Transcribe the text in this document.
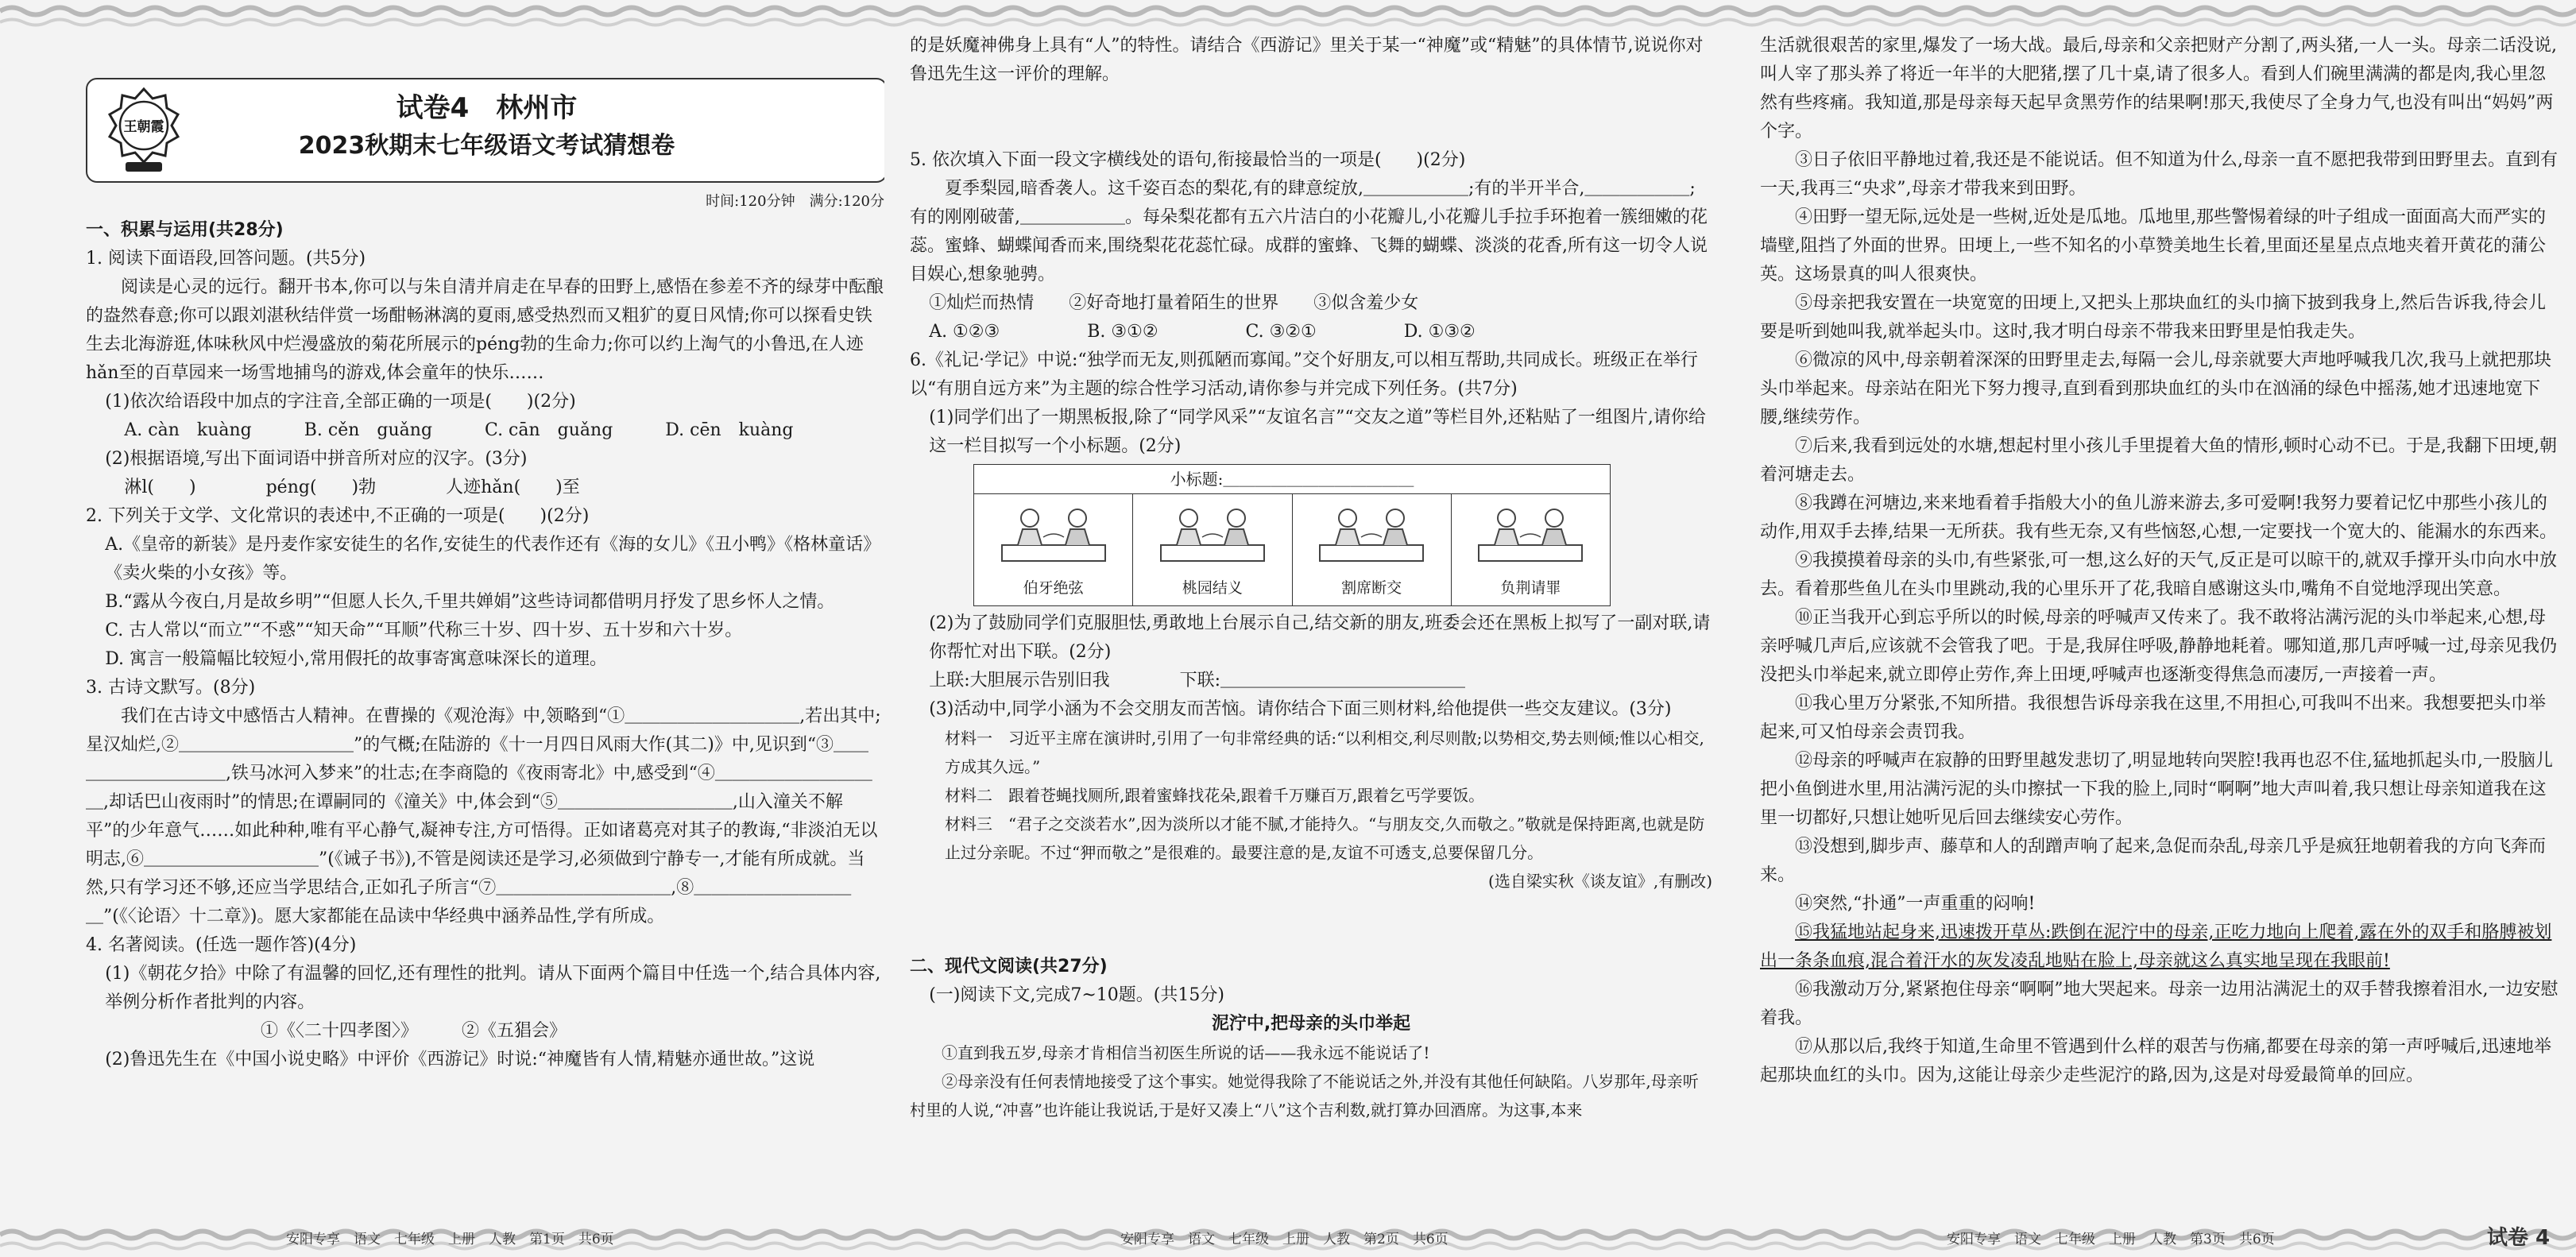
王朝霞
试卷4　林州市
2023秋期末七年级语文考试猜想卷
时间:120分钟　满分:120分

一、积累与运用(共28分)

1. 阅读下面语段,回答问题。(共5分)

阅读是心灵的远行。翻开书本,你可以与朱自清并肩走在早春的田野上,感悟在参差不齐的绿芽中酝酿的盎然春意;你可以跟刘湛秋结伴赏一场酣畅淋漓的夏雨,感受热烈而又粗犷的夏日风情;你可以探看史铁生去北海游逛,体味秋风中烂漫盛放的菊花所展示的péng勃的生命力;你可以约上淘气的小鲁迅,在人迹hǎn至的百草园来一场雪地捕鸟的游戏,体会童年的快乐……

(1)依次给语段中加点的字注音,全部正确的一项是(　　)(2分)

A. càn　kuàng　　　B. cěn　guǎng　　　C. cān　guǎng　　　D. cēn　kuàng

(2)根据语境,写出下面词语中拼音所对应的汉字。(3分)

淋l(　　)　　　　péng(　　)勃　　　　人迹hǎn(　　)至

2. 下列关于文学、文化常识的表述中,不正确的一项是(　　)(2分)

A.《皇帝的新装》是丹麦作家安徒生的名作,安徒生的代表作还有《海的女儿》《丑小鸭》《格林童话》《卖火柴的小女孩》等。

B.“露从今夜白,月是故乡明”“但愿人长久,千里共婵娟”这些诗词都借明月抒发了思乡怀人之情。

C. 古人常以“而立”“不惑”“知天命”“耳顺”代称三十岁、四十岁、五十岁和六十岁。

D. 寓言一般篇幅比较短小,常用假托的故事寄寓意味深长的道理。

3. 古诗文默写。(8分)

我们在古诗文中感悟古人精神。在曹操的《观沧海》中,领略到“①＿＿＿＿＿＿＿＿＿＿,若出其中;星汉灿烂,②＿＿＿＿＿＿＿＿＿＿”的气概;在陆游的《十一月四日风雨大作(其二)》中,见识到“③＿＿＿＿＿＿＿＿＿＿,铁马冰河入梦来”的壮志;在李商隐的《夜雨寄北》中,感受到“④＿＿＿＿＿＿＿＿＿＿,却话巴山夜雨时”的情思;在谭嗣同的《潼关》中,体会到“⑤＿＿＿＿＿＿＿＿＿＿,山入潼关不解平”的少年意气……如此种种,唯有平心静气,凝神专注,方可悟得。正如诸葛亮对其子的教诲,“非淡泊无以明志,⑥＿＿＿＿＿＿＿＿＿＿”(《诫子书》),不管是阅读还是学习,必须做到宁静专一,才能有所成就。当然,只有学习还不够,还应当学思结合,正如孔子所言“⑦＿＿＿＿＿＿＿＿＿＿,⑧＿＿＿＿＿＿＿＿＿＿”(《〈论语〉十二章》)。愿大家都能在品读中华经典中涵养品性,学有所成。

4. 名著阅读。(任选一题作答)(4分)

(1)《朝花夕拾》中除了有温馨的回忆,还有理性的批判。请从下面两个篇目中任选一个,结合具体内容,举例分析作者批判的内容。

①《〈二十四孝图〉》　　　②《五猖会》

(2)鲁迅先生在《中国小说史略》中评价《西游记》时说:“神魔皆有人情,精魅亦通世故。”这说

的是妖魔神佛身上具有“人”的特性。请结合《西游记》里关于某一“神魔”或“精魅”的具体情节,说说你对鲁迅先生这一评价的理解。

5. 依次填入下面一段文字横线处的语句,衔接最恰当的一项是(　　)(2分)

夏季梨园,暗香袭人。这千姿百态的梨花,有的肆意绽放,＿＿＿＿＿＿;有的半开半合,＿＿＿＿＿＿;有的刚刚破蕾,＿＿＿＿＿＿。每朵梨花都有五六片洁白的小花瓣儿,小花瓣儿手拉手环抱着一簇细嫩的花蕊。蜜蜂、蝴蝶闻香而来,围绕梨花花蕊忙碌。成群的蜜蜂、飞舞的蝴蝶、淡淡的花香,所有这一切令人说目娱心,想象驰骋。

①灿烂而热情　　②好奇地打量着陌生的世界　　③似含羞少女

A. ①②③　　　　　B. ③①②　　　　　C. ③②①　　　　　D. ①③②

6.《礼记·学记》中说:“独学而无友,则孤陋而寡闻。”交个好朋友,可以相互帮助,共同成长。班级正在举行以“有朋自远方来”为主题的综合性学习活动,请你参与并完成下列任务。(共7分)

(1)同学们出了一期黑板报,除了“同学风采”“友谊名言”“交友之道”等栏目外,还粘贴了一组图片,请你给这一栏目拟写一个小标题。(2分)

小标题:＿＿＿＿＿＿＿＿＿＿＿＿
伯牙绝弦	桃园结义	割席断交	负荆请罪

(2)为了鼓励同学们克服胆怯,勇敢地上台展示自己,结交新的朋友,班委会还在黑板上拟写了一副对联,请你帮忙对出下联。(2分)

上联:大胆展示告别旧我　　　　下联:＿＿＿＿＿＿＿＿＿＿＿＿＿＿

(3)活动中,同学小涵为不会交朋友而苦恼。请你结合下面三则材料,给他提供一些交友建议。(3分)

材料一　习近平主席在演讲时,引用了一句非常经典的话:“以利相交,利尽则散;以势相交,势去则倾;惟以心相交,方成其久远。”

材料二　跟着苍蝇找厕所,跟着蜜蜂找花朵,跟着千万赚百万,跟着乞丐学要饭。

材料三　“君子之交淡若水”,因为淡所以才能不腻,才能持久。“与朋友交,久而敬之。”敬就是保持距离,也就是防止过分亲昵。不过“狎而敬之”是很难的。最要注意的是,友谊不可透支,总要保留几分。

(选自梁实秋《谈友谊》,有删改)

二、现代文阅读(共27分)

(一)阅读下文,完成7~10题。(共15分)

泥泞中,把母亲的头巾举起

①直到我五岁,母亲才肯相信当初医生所说的话——我永远不能说话了!

②母亲没有任何表情地接受了这个事实。她觉得我除了不能说话之外,并没有其他任何缺陷。八岁那年,母亲听村里的人说,“冲喜”也许能让我说话,于是好又凑上“八”这个吉利数,就打算办回酒席。为这事,本来

生活就很艰苦的家里,爆发了一场大战。最后,母亲和父亲把财产分割了,两头猪,一人一头。母亲二话没说,叫人宰了那头养了将近一年半的大肥猪,摆了几十桌,请了很多人。看到人们碗里满满的都是肉,我心里忽然有些疼痛。我知道,那是母亲每天起早贪黑劳作的结果啊!那天,我使尽了全身力气,也没有叫出“妈妈”两个字。

③日子依旧平静地过着,我还是不能说话。但不知道为什么,母亲一直不愿把我带到田野里去。直到有一天,我再三“央求”,母亲才带我来到田野。

④田野一望无际,远处是一些树,近处是瓜地。瓜地里,那些警惕着绿的叶子组成一面面高大而严实的墙壁,阻挡了外面的世界。田埂上,一些不知名的小草赞美地生长着,里面还星星点点地夹着开黄花的蒲公英。这场景真的叫人很爽快。

⑤母亲把我安置在一块宽宽的田埂上,又把头上那块血红的头巾摘下披到我身上,然后告诉我,待会儿要是听到她叫我,就举起头巾。这时,我才明白母亲不带我来田野里是怕我走失。

⑥微凉的风中,母亲朝着深深的田野里走去,每隔一会儿,母亲就要大声地呼喊我几次,我马上就把那块头巾举起来。母亲站在阳光下努力搜寻,直到看到那块血红的头巾在汹涌的绿色中摇荡,她才迅速地宽下腰,继续劳作。

⑦后来,我看到远处的水塘,想起村里小孩儿手里提着大鱼的情形,顿时心动不已。于是,我翻下田埂,朝着河塘走去。

⑧我蹲在河塘边,来来地看着手指般大小的鱼儿游来游去,多可爱啊!我努力要着记忆中那些小孩儿的动作,用双手去捧,结果一无所获。我有些无奈,又有些恼怒,心想,一定要找一个宽大的、能漏水的东西来。

⑨我摸摸着母亲的头巾,有些紧张,可一想,这么好的天气,反正是可以晾干的,就双手撑开头巾向水中放去。看着那些鱼儿在头巾里跳动,我的心里乐开了花,我暗自感谢这头巾,嘴角不自觉地浮现出笑意。

⑩正当我开心到忘乎所以的时候,母亲的呼喊声又传来了。我不敢将沾满污泥的头巾举起来,心想,母亲呼喊几声后,应该就不会管我了吧。于是,我屏住呼吸,静静地耗着。哪知道,那几声呼喊一过,母亲见我仍没把头巾举起来,就立即停止劳作,奔上田埂,呼喊声也逐渐变得焦急而凄厉,一声接着一声。

⑪我心里万分紧张,不知所措。我很想告诉母亲我在这里,不用担心,可我叫不出来。我想要把头巾举起来,可又怕母亲会责罚我。

⑫母亲的呼喊声在寂静的田野里越发悲切了,明显地转向哭腔!我再也忍不住,猛地抓起头巾,一股脑儿把小鱼倒进水里,用沾满污泥的头巾擦拭一下我的脸上,同时“啊啊”地大声叫着,我只想让母亲知道我在这里一切都好,只想让她听见后回去继续安心劳作。

⑬没想到,脚步声、藤草和人的刮蹭声响了起来,急促而杂乱,母亲几乎是疯狂地朝着我的方向飞奔而来。

⑭突然,“扑通”一声重重的闷响!

⑮我猛地站起身来,迅速拨开草丛:跌倒在泥泞中的母亲,正吃力地向上爬着,露在外的双手和胳膊被划出一条条血痕,混合着汗水的灰发凌乱地贴在脸上,母亲就这么真实地呈现在我眼前!

⑯我激动万分,紧紧抱住母亲“啊啊”地大哭起来。母亲一边用沾满泥土的双手替我擦着泪水,一边安慰着我。

⑰从那以后,我终于知道,生命里不管遇到什么样的艰苦与伤痛,都要在母亲的第一声呼喊后,迅速地举起那块血红的头巾。因为,这能让母亲少走些泥泞的路,因为,这是对母爱最简单的回应。

安阳专享　语文　七年级　上册　人教　第1页　共6页	安阳专享　语文　七年级　上册　人教　第2页　共6页	安阳专享　语文　七年级　上册　人教　第3页　共6页	试卷 4
